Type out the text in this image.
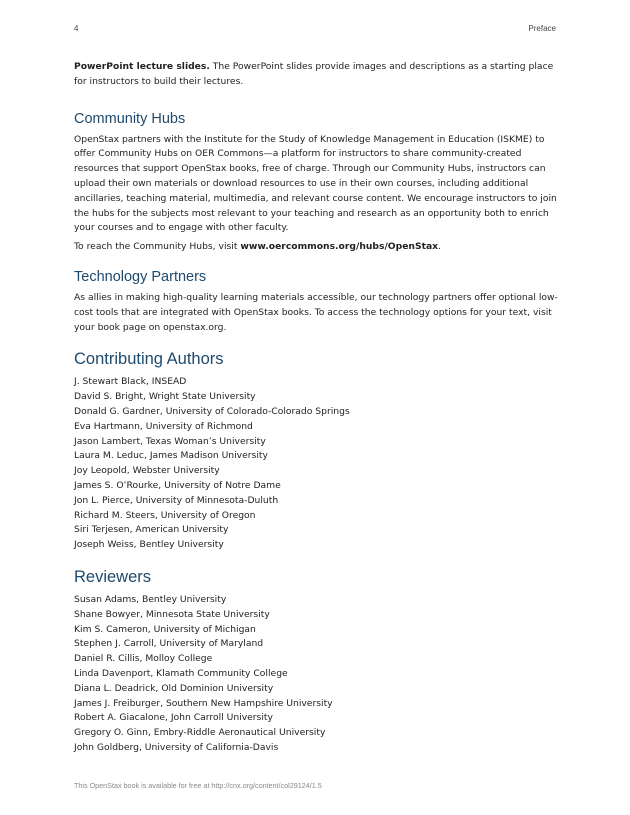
4	Preface

PowerPoint lecture slides. The PowerPoint slides provide images and descriptions as a starting place for instructors to build their lectures.

Community Hubs

OpenStax partners with the Institute for the Study of Knowledge Management in Education (ISKME) to offer Community Hubs on OER Commons—a platform for instructors to share community-created resources that support OpenStax books, free of charge. Through our Community Hubs, instructors can upload their own materials or download resources to use in their own courses, including additional ancillaries, teaching material, multimedia, and relevant course content. We encourage instructors to join the hubs for the subjects most relevant to your teaching and research as an opportunity both to enrich your courses and to engage with other faculty.

To reach the Community Hubs, visit www.oercommons.org/hubs/OpenStax.

Technology Partners

As allies in making high-quality learning materials accessible, our technology partners offer optional low-cost tools that are integrated with OpenStax books. To access the technology options for your text, visit your book page on openstax.org.

Contributing Authors
J. Stewart Black, INSEAD
David S. Bright, Wright State University
Donald G. Gardner, University of Colorado-Colorado Springs
Eva Hartmann, University of Richmond
Jason Lambert, Texas Woman’s University
Laura M. Leduc, James Madison University
Joy Leopold, Webster University
James S. O’Rourke, University of Notre Dame
Jon L. Pierce, University of Minnesota-Duluth
Richard M. Steers, University of Oregon
Siri Terjesen, American University
Joseph Weiss, Bentley University
Reviewers
Susan Adams, Bentley University
Shane Bowyer, Minnesota State University
Kim S. Cameron, University of Michigan
Stephen J. Carroll, University of Maryland
Daniel R. Cillis, Molloy College
Linda Davenport, Klamath Community College
Diana L. Deadrick, Old Dominion University
James J. Freiburger, Southern New Hampshire University
Robert A. Giacalone, John Carroll University
Gregory O. Ginn, Embry-Riddle Aeronautical University
John Goldberg, University of California-Davis
This OpenStax book is available for free at http://cnx.org/content/col29124/1.5
